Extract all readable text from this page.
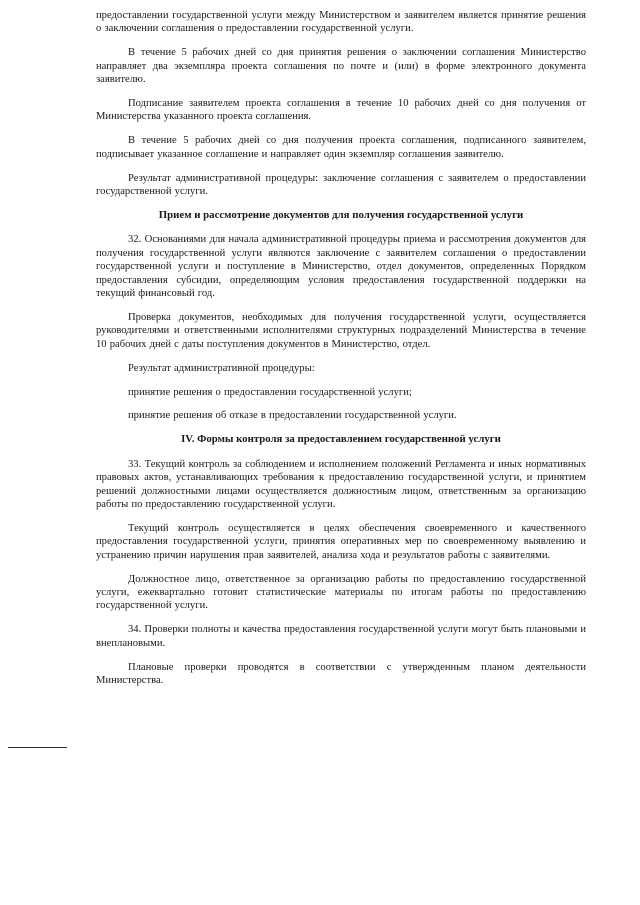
предоставлении государственной услуги между Министерством и заявителем является принятие решения о заключении соглашения о предоставлении государственной услуги.

В течение 5 рабочих дней со дня принятия решения о заключении соглашения Министерство направляет два экземпляра проекта соглашения по почте и (или) в форме электронного документа заявителю.

Подписание заявителем проекта соглашения в течение 10 рабочих дней со дня получения от Министерства указанного проекта соглашения.

В течение 5 рабочих дней со дня получения проекта соглашения, подписанного заявителем, подписывает указанное соглашение и направляет один экземпляр соглашения заявителю.

Результат административной процедуры: заключение соглашения с заявителем о предоставлении государственной услуги.

Прием и рассмотрение документов для получения государственной услуги

32. Основаниями для начала административной процедуры приема и рассмотрения документов для получения государственной услуги являются заключение с заявителем соглашения о предоставлении государственной услуги и поступление в Министерство, отдел документов, определенных Порядком предоставления субсидии, определяющим условия предоставления государственной поддержки на текущий финансовый год.

Проверка документов, необходимых для получения государственной услуги, осуществляется руководителями и ответственными исполнителями структурных подразделений Министерства в течение 10 рабочих дней с даты поступления документов в Министерство, отдел.

Результат административной процедуры:

принятие решения о предоставлении государственной услуги;

принятие решения об отказе в предоставлении государственной услуги.

IV. Формы контроля за предоставлением государственной услуги

33. Текущий контроль за соблюдением и исполнением положений Регламента и иных нормативных правовых актов, устанавливающих требования к предоставлению государственной услуги, и принятием решений должностными лицами осуществляется должностным лицом, ответственным за организацию работы по предоставлению государственной услуги.

Текущий контроль осуществляется в целях обеспечения своевременного и качественного предоставления государственной услуги, принятия оперативных мер по своевременному выявлению и устранению причин нарушения прав заявителей, анализа хода и результатов работы с заявителями.

Должностное лицо, ответственное за организацию работы по предоставлению государственной услуги, ежеквартально готовит статистические материалы по итогам работы по предоставлению государственной услуги.

34. Проверки полноты и качества предоставления государственной услуги могут быть плановыми и внеплановыми.

Плановые проверки проводятся в соответствии с утвержденным планом деятельности Министерства.
